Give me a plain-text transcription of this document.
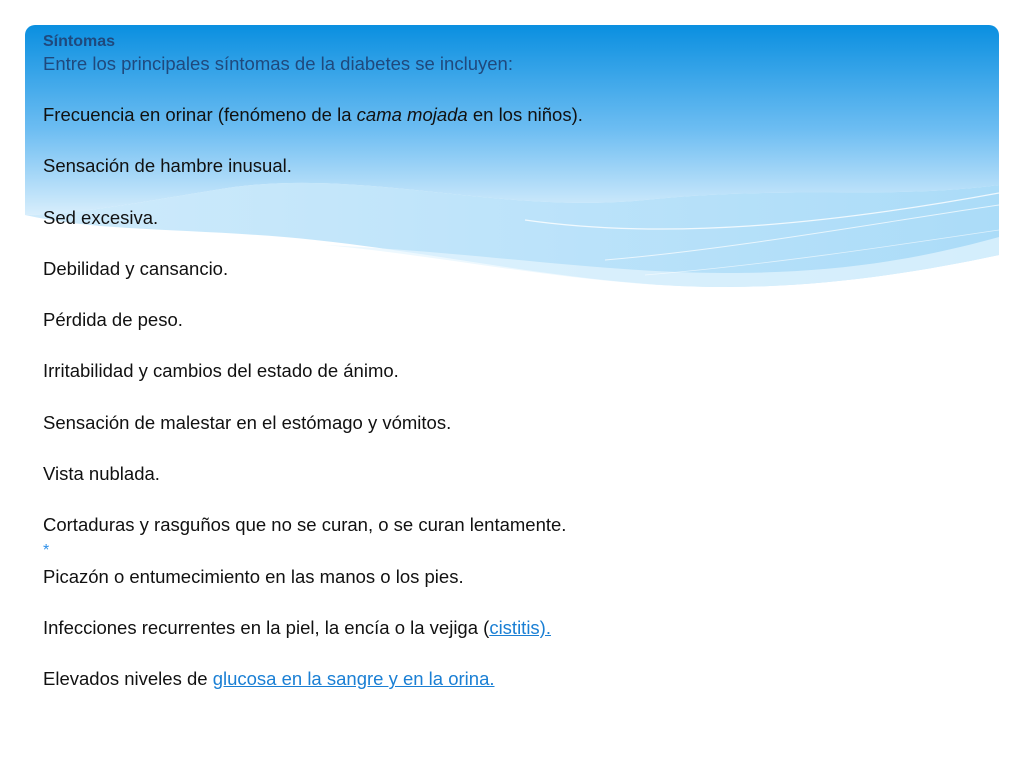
Síntomas
Entre los principales síntomas de la diabetes se incluyen:
Frecuencia en orinar (fenómeno de la cama mojada en los niños).
Sensación de hambre inusual.
Sed excesiva.
Debilidad y cansancio.
Pérdida de peso.
Irritabilidad y cambios del estado de ánimo.
Sensación de malestar en el estómago y vómitos.
Vista nublada.
Cortaduras y rasguños que no se curan, o se curan lentamente.
*
Picazón o entumecimiento en las manos o los pies.
Infecciones recurrentes en la piel, la encía o la vejiga (cistitis).
Elevados niveles de glucosa en la sangre y en la orina.
